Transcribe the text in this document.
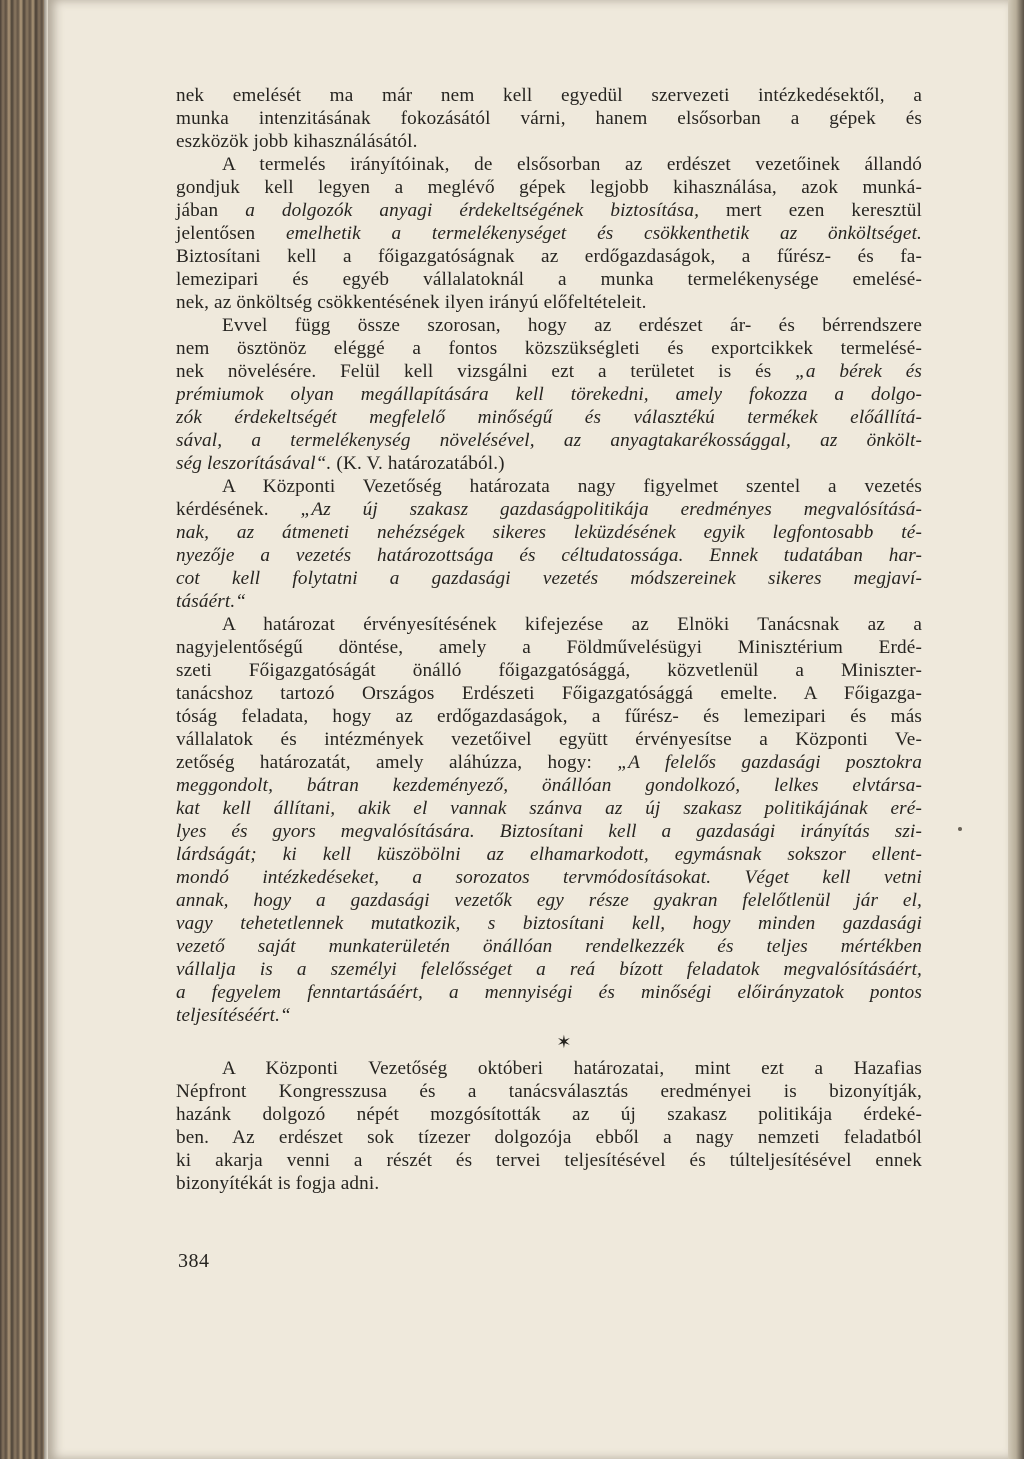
nek emelését ma már nem kell egyedül szervezeti intézkedésektől, a
munka intenzitásának fokozásától várni, hanem elsősorban a gépek és
eszközök jobb kihasználásától.
A termelés irányítóinak, de elsősorban az erdészet vezetőinek állandó
gondjuk kell legyen a meglévő gépek legjobb kihasználása, azok munká-
jában a dolgozók anyagi érdekeltségének biztosítása, mert ezen keresztül
jelentősen emelhetik a termelékenységet és csökkenthetik az önköltséget.
Biztosítani kell a főigazgatóságnak az erdőgazdaságok, a fűrész- és fa-
lemezipari és egyéb vállalatoknál a munka termelékenysége emelésé-
nek, az önköltség csökkentésének ilyen irányú előfeltételeit.
Evvel függ össze szorosan, hogy az erdészet ár- és bérrendszere
nem ösztönöz eléggé a fontos közszükségleti és exportcikkek termelésé-
nek növelésére. Felül kell vizsgálni ezt a területet is és „a bérek és
prémiumok olyan megállapítására kell törekedni, amely fokozza a dolgo-
zók érdekeltségét megfelelő minőségű és választékú termékek előállítá-
sával, a termelékenység növelésével, az anyagtakarékossággal, az önkölt-
ség leszorításával“. (K. V. határozatából.)
A Központi Vezetőség határozata nagy figyelmet szentel a vezetés
kérdésének. „Az új szakasz gazdaságpolitikája eredményes megvalósításá-
nak, az átmeneti nehézségek sikeres leküzdésének egyik legfontosabb té-
nyezője a vezetés határozottsága és céltudatossága. Ennek tudatában har-
cot kell folytatni a gazdasági vezetés módszereinek sikeres megjaví-
tásáért.“
A határozat érvényesítésének kifejezése az Elnöki Tanácsnak az a
nagyjelentőségű döntése, amely a Földművelésügyi Minisztérium Erdé-
szeti Főigazgatóságát önálló főigazgatósággá, közvetlenül a Miniszter-
tanácshoz tartozó Országos Erdészeti Főigazgatósággá emelte. A Főigazga-
tóság feladata, hogy az erdőgazdaságok, a fűrész- és lemezipari és más
vállalatok és intézmények vezetőivel együtt érvényesítse a Központi Ve-
zetőség határozatát, amely aláhúzza, hogy: „A felelős gazdasági posztokra
meggondolt, bátran kezdeményező, önállóan gondolkozó, lelkes elvtársa-
kat kell állítani, akik el vannak szánva az új szakasz politikájának eré-
lyes és gyors megvalósítására. Biztosítani kell a gazdasági irányítás szi-
lárdságát; ki kell küszöbölni az elhamarkodott, egymásnak sokszor ellent-
mondó intézkedéseket, a sorozatos tervmódosításokat. Véget kell vetni
annak, hogy a gazdasági vezetők egy része gyakran felelőtlenül jár el,
vagy tehetetlennek mutatkozik, s biztosítani kell, hogy minden gazdasági
vezető saját munkaterületén önállóan rendelkezzék és teljes mértékben
vállalja is a személyi felelősséget a reá bízott feladatok megvalósításáért,
a fegyelem fenntartásáért, a mennyiségi és minőségi előirányzatok pontos
teljesítéséért.“
✶
A Központi Vezetőség októberi határozatai, mint ezt a Hazafias
Népfront Kongresszusa és a tanácsválasztás eredményei is bizonyítják,
hazánk dolgozó népét mozgósították az új szakasz politikája érdeké-
ben. Az erdészet sok tízezer dolgozója ebből a nagy nemzeti feladatból
ki akarja venni a részét és tervei teljesítésével és túlteljesítésével ennek
bizonyítékát is fogja adni.
384
